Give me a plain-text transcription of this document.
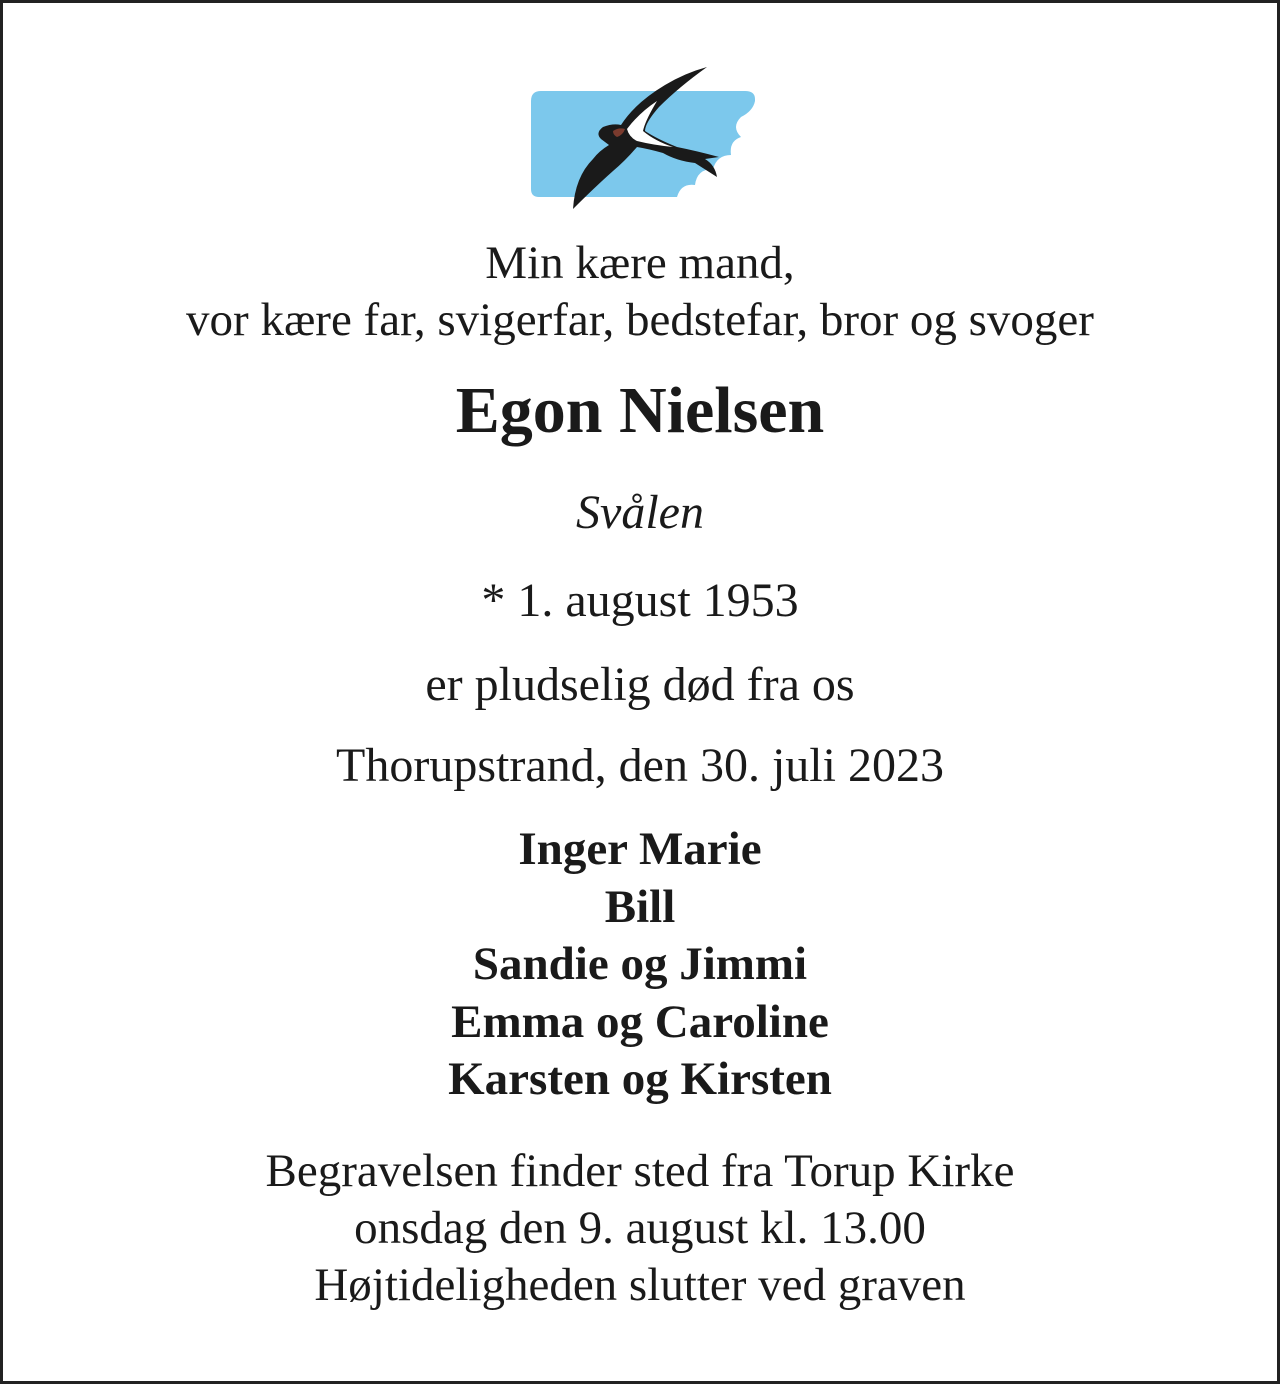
Min kære mand,
vor kære far, svigerfar, bedstefar, bror og svoger
Egon Nielsen
Svålen
* 1. august 1953
er pludselig død fra os
Thorupstrand, den 30. juli 2023
Inger Marie
Bill
Sandie og Jimmi
Emma og Caroline
Karsten og Kirsten
Begravelsen finder sted fra Torup Kirke
onsdag den 9. august kl. 13.00
Højtideligheden slutter ved graven
